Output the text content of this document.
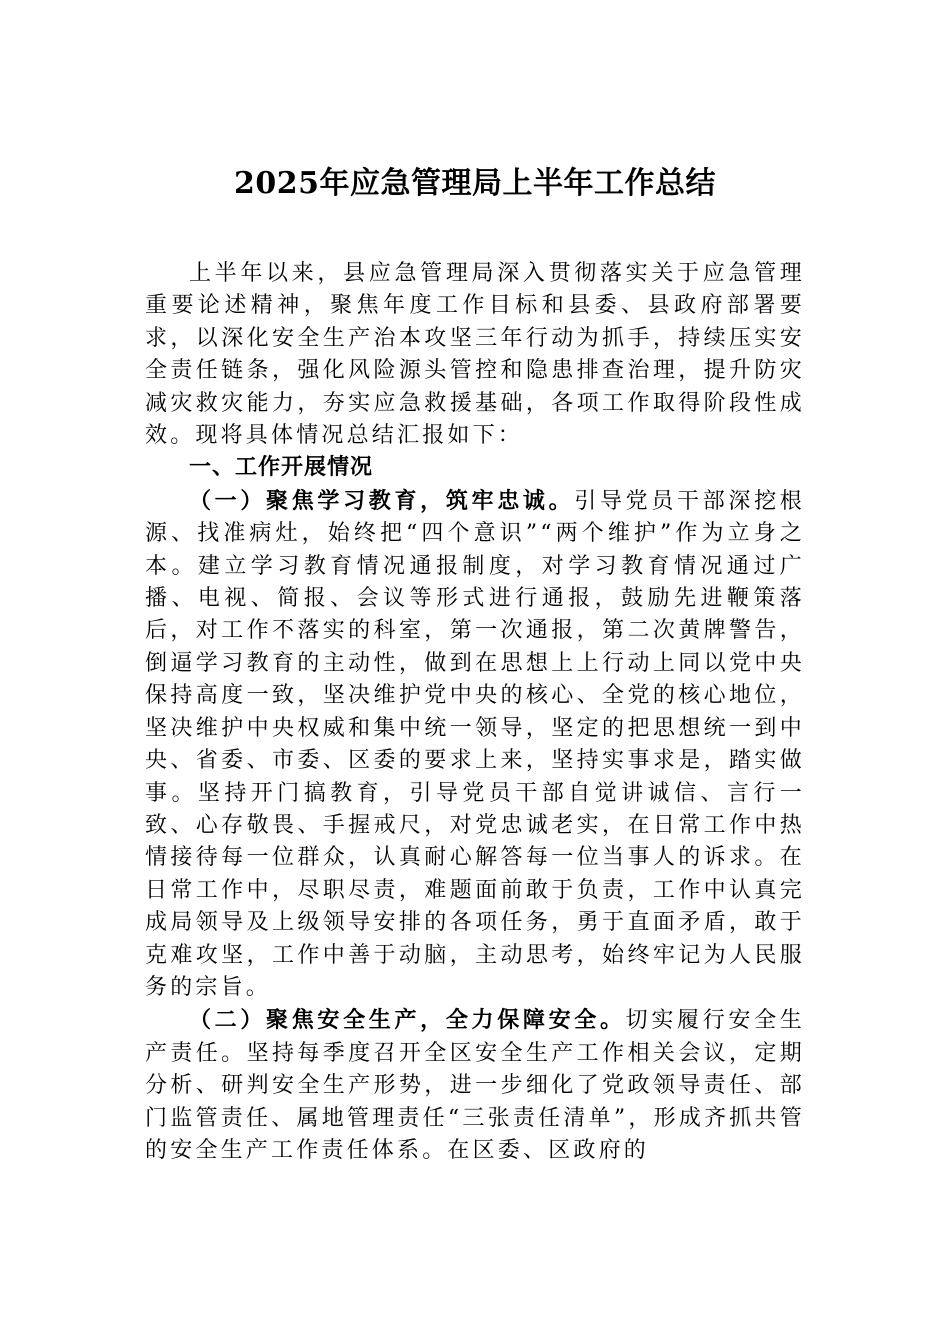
2025年应急管理局上半年工作总结

上半年以来，县应急管理局深入贯彻落实关于应急管理重要论述精神，聚焦年度工作目标和县委、县政府部署要求，以深化安全生产治本攻坚三年行动为抓手，持续压实安全责任链条，强化风险源头管控和隐患排查治理，提升防灾减灾救灾能力，夯实应急救援基础，各项工作取得阶段性成效。现将具体情况总结汇报如下：

一、工作开展情况

（一）聚焦学习教育，筑牢忠诚。引导党员干部深挖根源、找准病灶，始终把“四个意识”“两个维护”作为立身之本。建立学习教育情况通报制度，对学习教育情况通过广播、电视、简报、会议等形式进行通报，鼓励先进鞭策落后，对工作不落实的科室，第一次通报，第二次黄牌警告，倒逼学习教育的主动性，做到在思想上上行动上同以党中央保持高度一致，坚决维护党中央的核心、全党的核心地位，坚决维护中央权威和集中统一领导，坚定的把思想统一到中央、省委、市委、区委的要求上来，坚持实事求是，踏实做事。坚持开门搞教育，引导党员干部自觉讲诚信、言行一致、心存敬畏、手握戒尺，对党忠诚老实，在日常工作中热情接待每一位群众，认真耐心解答每一位当事人的诉求。在日常工作中，尽职尽责，难题面前敢于负责，工作中认真完成局领导及上级领导安排的各项任务，勇于直面矛盾，敢于克难攻坚，工作中善于动脑，主动思考，始终牢记为人民服务的宗旨。

（二）聚焦安全生产，全力保障安全。切实履行安全生产责任。坚持每季度召开全区安全生产工作相关会议，定期分析、研判安全生产形势，进一步细化了党政领导责任、部门监管责任、属地管理责任“三张责任清单”，形成齐抓共管的安全生产工作责任体系。在区委、区政府的
